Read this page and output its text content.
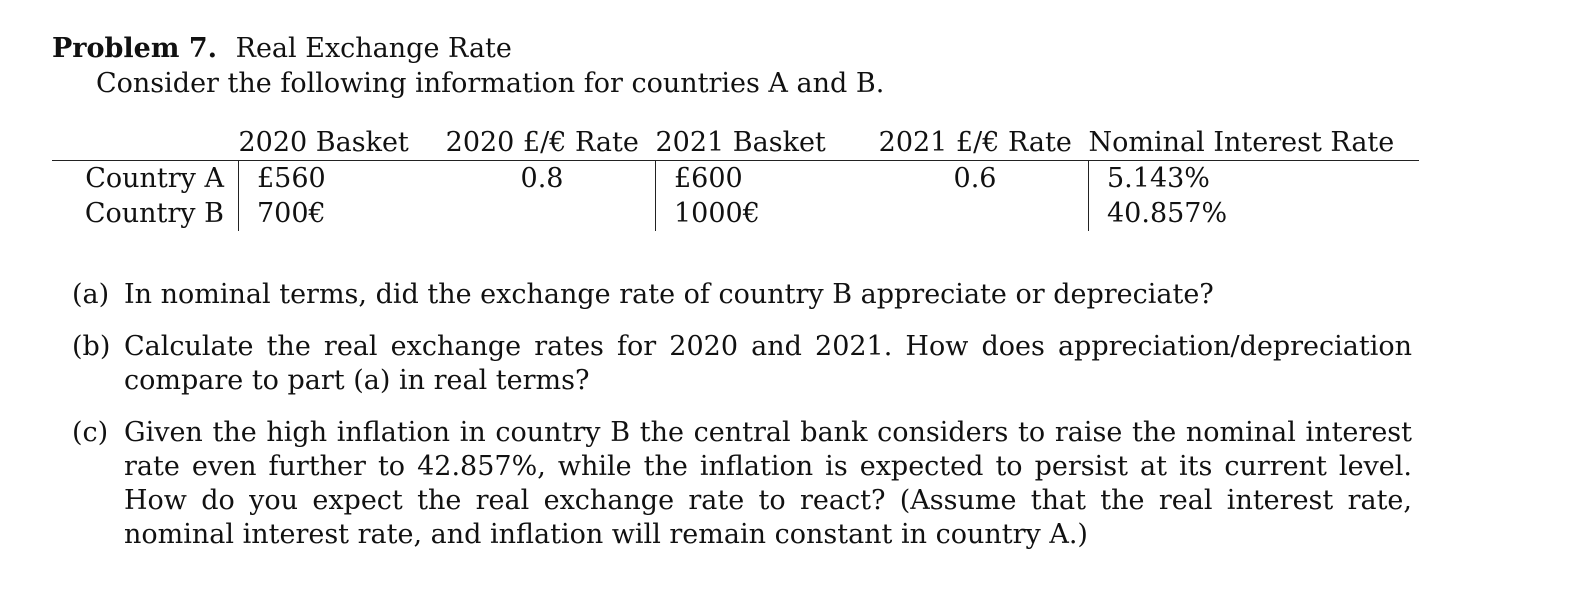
Problem 7. Real Exchange Rate
Consider the following information for countries A and B.
	2020 Basket	2020 £/€ Rate	2021 Basket	2021 £/€ Rate	Nominal Interest Rate
Country A	£560	0.8	£600	0.6	5.143%
Country B	700€		1000€		40.857%
(a) In nominal terms, did the exchange rate of country B appreciate or depreciate?
(b) Calculate the real exchange rates for 2020 and 2021. How does appreciation/depreciation compare to part (a) in real terms?
(c) Given the high inflation in country B the central bank considers to raise the nominal interest rate even further to 42.857%, while the inflation is expected to persist at its current level. How do you expect the real exchange rate to react? (Assume that the real interest rate, nominal interest rate, and inflation will remain constant in country A.)
